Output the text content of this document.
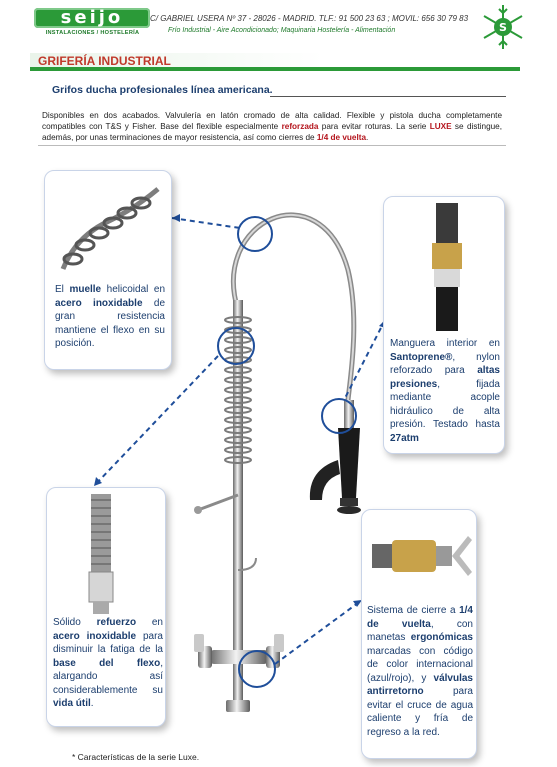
seijo
INSTALACIONES / HOSTELERÍA
C/ GABRIEL USERA Nº 37 - 28026 - MADRID. TLF.: 91 500 23 63 ; MOVIL: 656 30 79 83
Frío Industrial - Aire Acondicionado; Maquinaria Hostelería - Alimentación	S
GRIFERÍA INDUSTRIAL
Grifos ducha profesionales línea americana.
Disponibles en dos acabados. Valvulería en latón cromado de alta calidad. Flexible y pistola ducha completamente compatibles con T&S y Fisher. Base del flexible especialmente reforzada para evitar roturas. La serie LUXE se distingue, además, por unas terminaciones de mayor resistencia, así como cierres de 1/4 de vuelta.
El muelle helicoidal en acero inoxidable de gran resistencia mantiene el flexo en su posición.	Manguera interior en Santoprene®, nylon reforzado para altas presiones, fijada mediante acople hidráulico de alta presión. Testado hasta 27atm
Sólido refuerzo en acero inoxidable para disminuir la fatiga de la base del flexo, alargando así considerablemente su vida útil.
Sistema de cierre a 1/4 de vuelta, con manetas ergonómicas marcadas con código de color internacional (azul/rojo), y válvulas antirretorno para evitar el cruce de agua caliente y fría de regreso a la red.
* Características de la serie Luxe.
